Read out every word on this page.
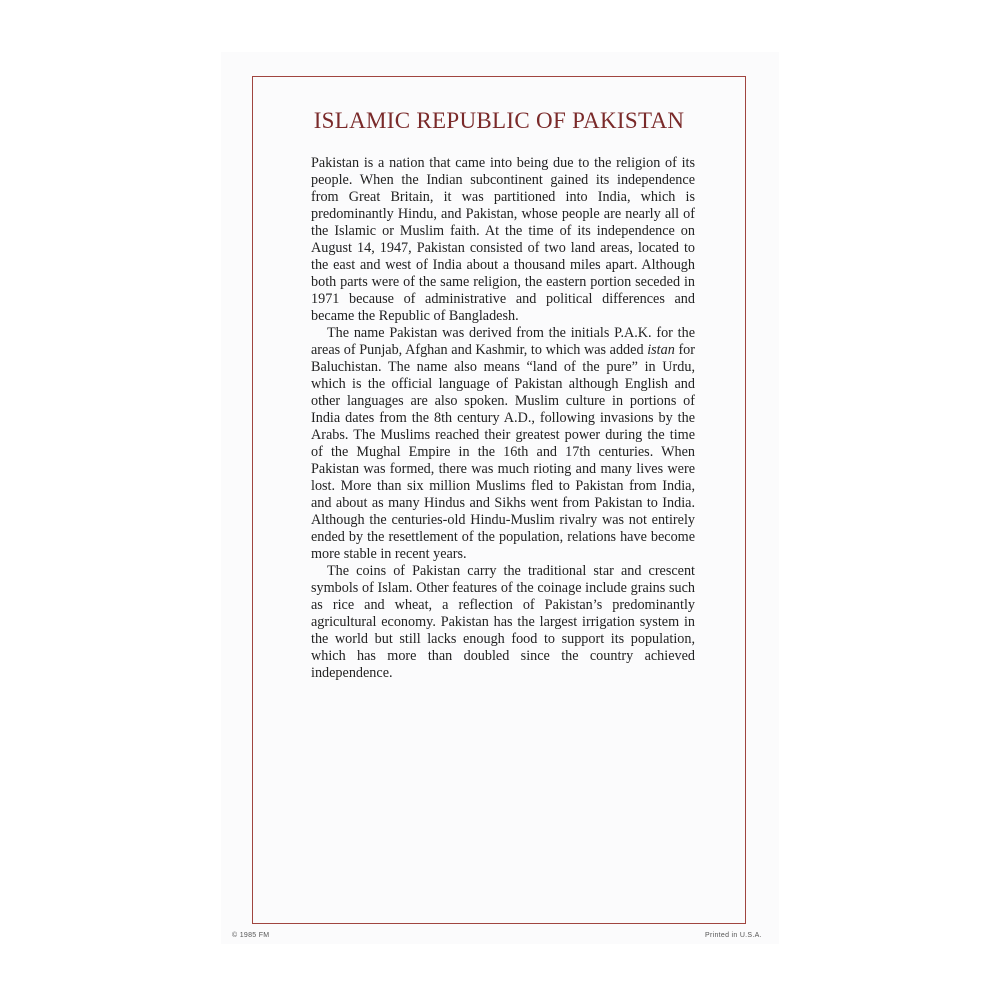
ISLAMIC REPUBLIC OF PAKISTAN

Pakistan is a nation that came into being due to the religion of its people. When the Indian subcontinent gained its independence from Great Britain, it was partitioned into India, which is predominantly Hindu, and Pakistan, whose people are nearly all of the Islamic or Muslim faith. At the time of its independence on August 14, 1947, Pakistan consisted of two land areas, located to the east and west of India about a thousand miles apart. Although both parts were of the same religion, the eastern portion seceded in 1971 because of administrative and political differences and became the Republic of Bangladesh.

The name Pakistan was derived from the initials P.A.K. for the areas of Punjab, Afghan and Kashmir, to which was added istan for Baluchistan. The name also means “land of the pure” in Urdu, which is the official language of Pakistan although English and other languages are also spoken. Muslim culture in portions of India dates from the 8th century A.D., following invasions by the Arabs. The Muslims reached their greatest power during the time of the Mughal Empire in the 16th and 17th centuries. When Pakistan was formed, there was much rioting and many lives were lost. More than six million Muslims fled to Pakistan from India, and about as many Hindus and Sikhs went from Pakistan to India. Although the centuries-old Hindu-Muslim rivalry was not entirely ended by the resettlement of the population, relations have become more stable in recent years.

The coins of Pakistan carry the traditional star and crescent symbols of Islam. Other features of the coinage include grains such as rice and wheat, a reflection of Pakistan’s predominantly agricultural economy. Pakistan has the largest irrigation system in the world but still lacks enough food to support its population, which has more than doubled since the country achieved independence.

© 1985 FM	Printed in U.S.A.
